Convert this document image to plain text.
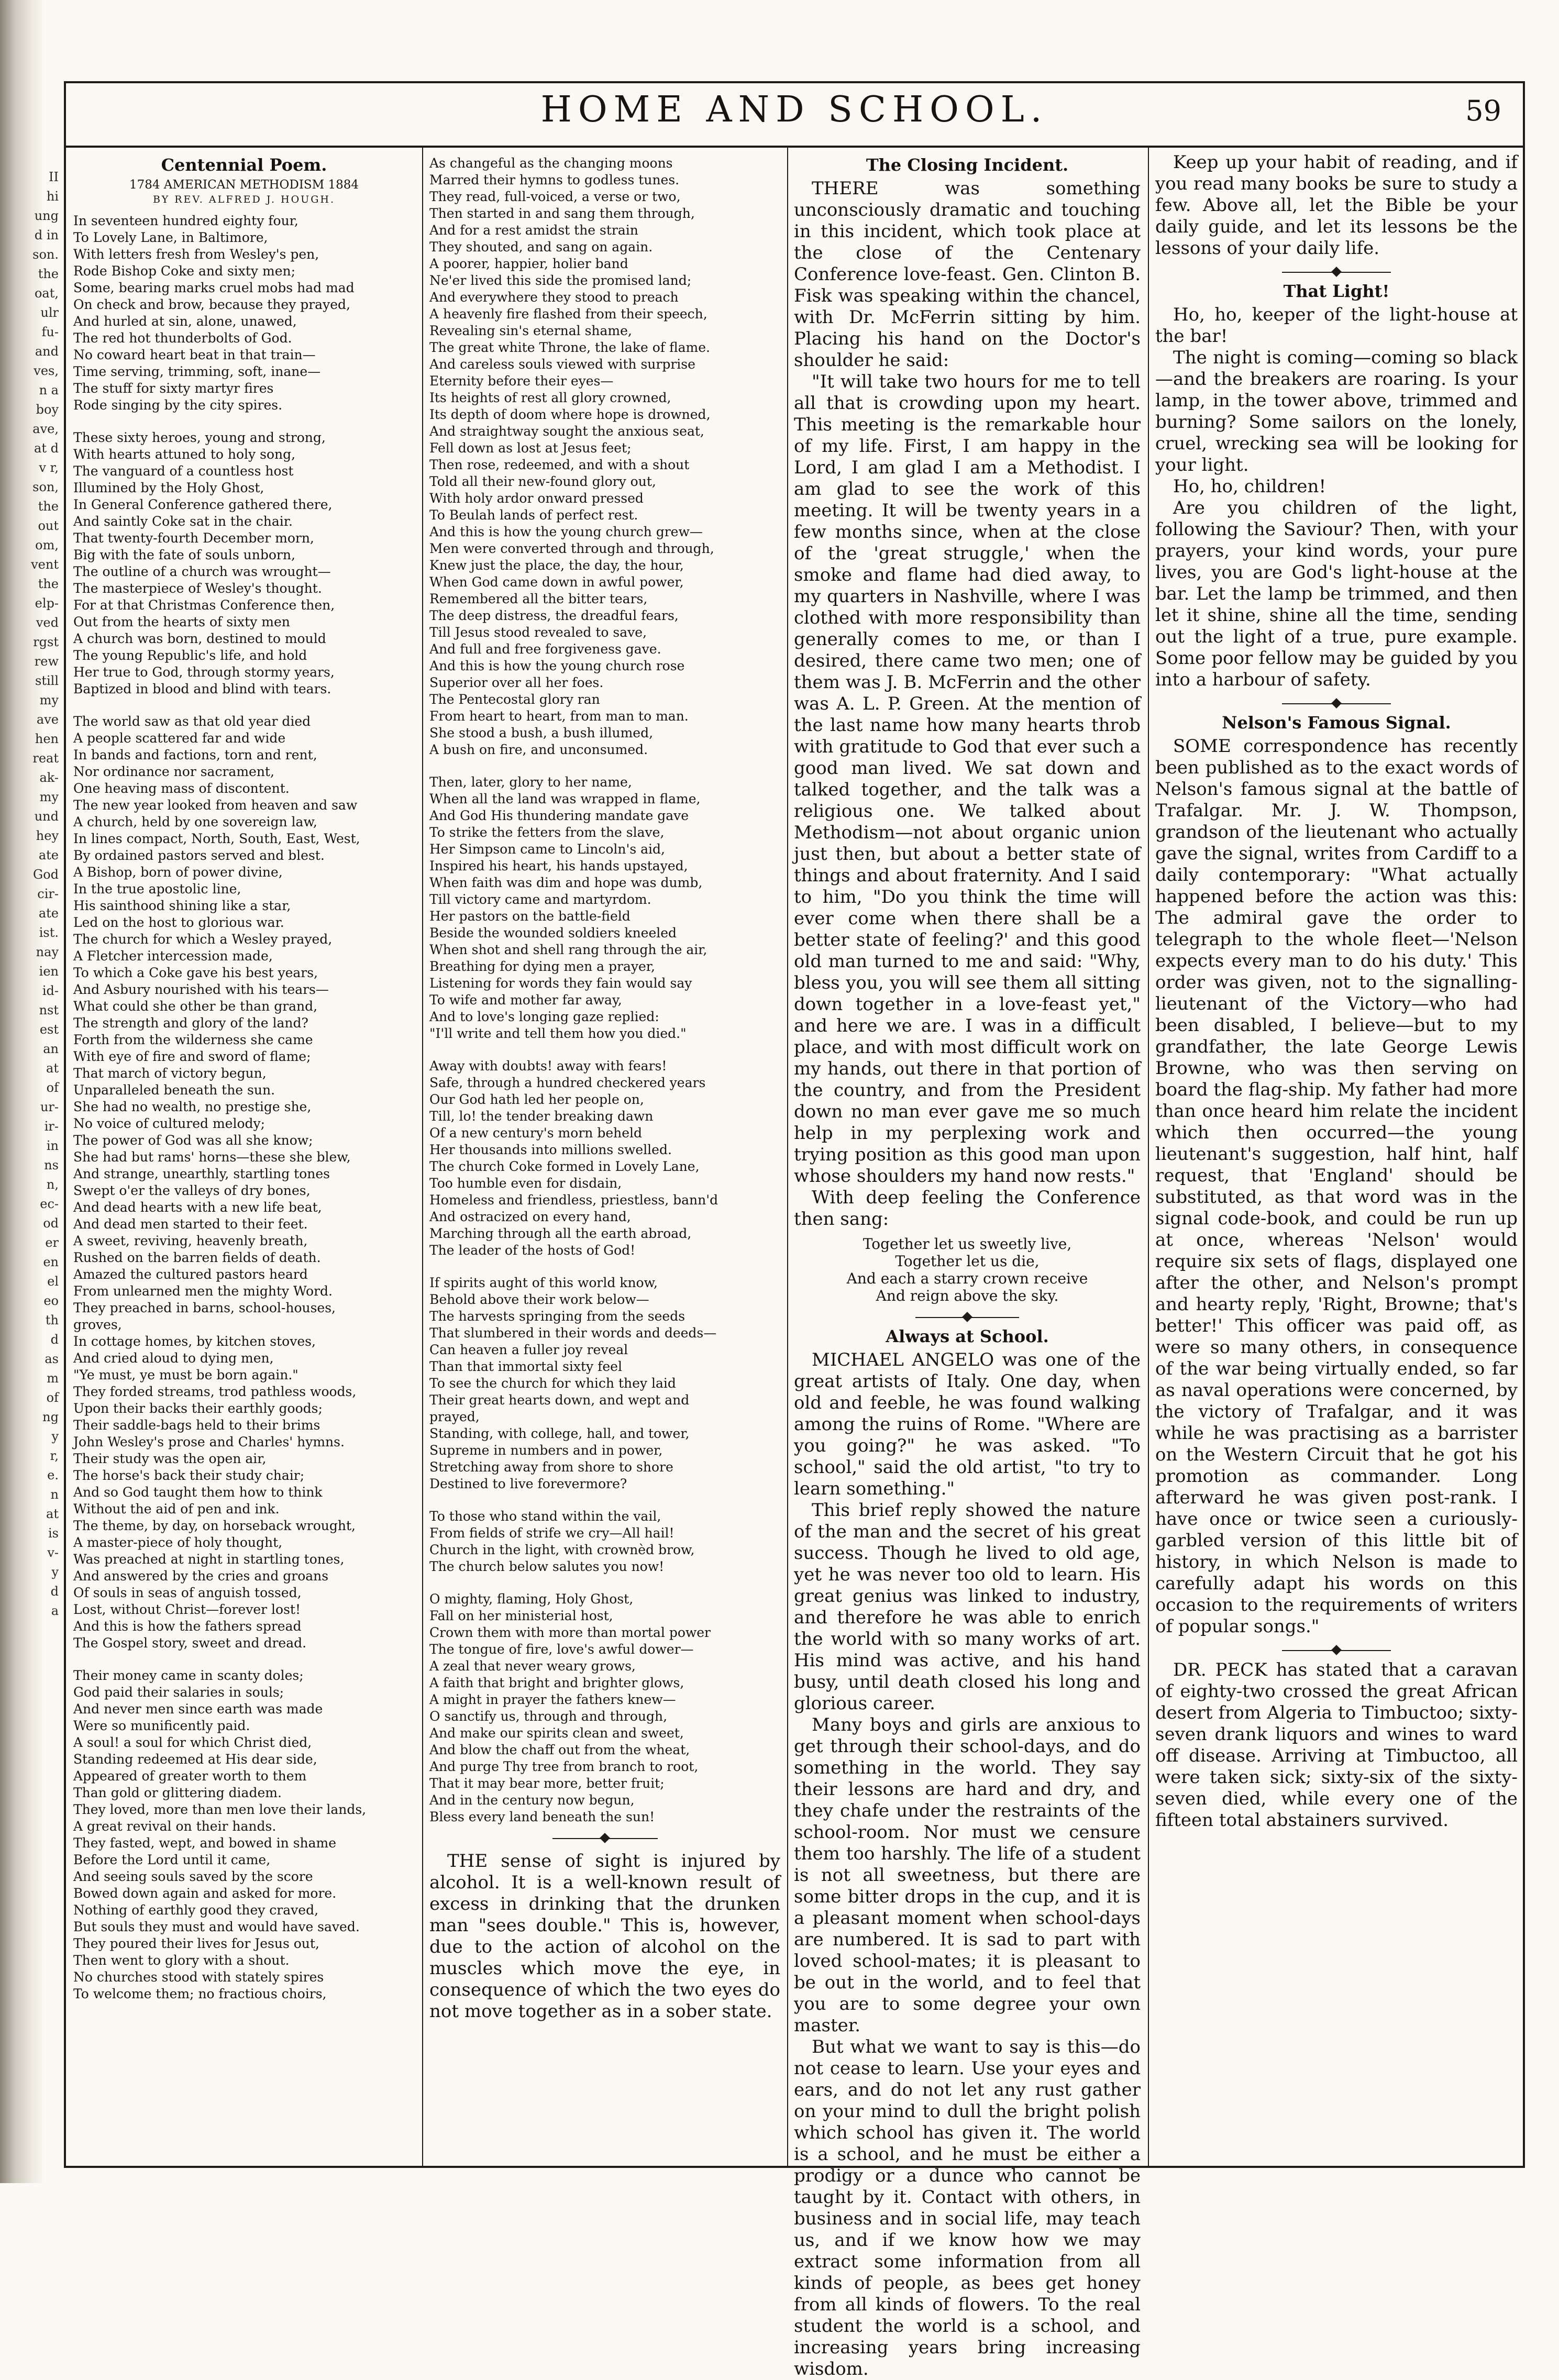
II
hi
ung
d in
son.
the
oat,
ulr
fu-
and
ves,
n a
boy
ave,
at d
v r,
son,
the
out
om,
vent
the
elp-
ved
rgst
rew
still
my
ave
hen
reat
ak-
my
und
hey
ate
God
cir-
ate
ist.
nay
ien
id-
nst
est
an
at
of
ur-
ir-
in
ns
n,
ec-
od
er
en
el
eo
th
d
as
m
of
ng
y
r,
e.
n
at
is
v-
y
d
a
HOME AND SCHOOL.	59
Centennial Poem.
1784 AMERICAN METHODISM 1884
BY REV. ALFRED J. HOUGH.
In seventeen hundred eighty four,
To Lovely Lane, in Baltimore,
With letters fresh from Wesley's pen,
Rode Bishop Coke and sixty men;
Some, bearing marks cruel mobs had mad
On check and brow, because they prayed,
And hurled at sin, alone, unawed,
The red hot thunderbolts of God.
No coward heart beat in that train—
Time serving, trimming, soft, inane—
The stuff for sixty martyr fires
Rode singing by the city spires.
These sixty heroes, young and strong,
With hearts attuned to holy song,
The vanguard of a countless host
Illumined by the Holy Ghost,
In General Conference gathered there,
And saintly Coke sat in the chair.
That twenty-fourth December morn,
Big with the fate of souls unborn,
The outline of a church was wrought—
The masterpiece of Wesley's thought.
For at that Christmas Conference then,
Out from the hearts of sixty men
A church was born, destined to mould
The young Republic's life, and hold
Her true to God, through stormy years,
Baptized in blood and blind with tears.
The world saw as that old year died
A people scattered far and wide
In bands and factions, torn and rent,
Nor ordinance nor sacrament,
One heaving mass of discontent.
The new year looked from heaven and saw
A church, held by one sovereign law,
In lines compact, North, South, East, West,
By ordained pastors served and blest.
A Bishop, born of power divine,
In the true apostolic line,
His sainthood shining like a star,
Led on the host to glorious war.
The church for which a Wesley prayed,
A Fletcher intercession made,
To which a Coke gave his best years,
And Asbury nourished with his tears—
What could she other be than grand,
The strength and glory of the land?
Forth from the wilderness she came
With eye of fire and sword of flame;
That march of victory begun,
Unparalleled beneath the sun.
She had no wealth, no prestige she,
No voice of cultured melody;
The power of God was all she know;
She had but rams' horns—these she blew,
And strange, unearthly, startling tones
Swept o'er the valleys of dry bones,
And dead hearts with a new life beat,
And dead men started to their feet.
A sweet, reviving, heavenly breath,
Rushed on the barren fields of death.
Amazed the cultured pastors heard
From unlearned men the mighty Word.
They preached in barns, school-houses,
groves,
In cottage homes, by kitchen stoves,
And cried aloud to dying men,
"Ye must, ye must be born again."
They forded streams, trod pathless woods,
Upon their backs their earthly goods;
Their saddle-bags held to their brims
John Wesley's prose and Charles' hymns.
Their study was the open air,
The horse's back their study chair;
And so God taught them how to think
Without the aid of pen and ink.
The theme, by day, on horseback wrought,
A master-piece of holy thought,
Was preached at night in startling tones,
And answered by the cries and groans
Of souls in seas of anguish tossed,
Lost, without Christ—forever lost!
And this is how the fathers spread
The Gospel story, sweet and dread.
Their money came in scanty doles;
God paid their salaries in souls;
And never men since earth was made
Were so munificently paid.
A soul! a soul for which Christ died,
Standing redeemed at His dear side,
Appeared of greater worth to them
Than gold or glittering diadem.
They loved, more than men love their lands,
A great revival on their hands.
They fasted, wept, and bowed in shame
Before the Lord until it came,
And seeing souls saved by the score
Bowed down again and asked for more.
Nothing of earthly good they craved,
But souls they must and would have saved.
They poured their lives for Jesus out,
Then went to glory with a shout.
No churches stood with stately spires
To welcome them; no fractious choirs,
As changeful as the changing moons
Marred their hymns to godless tunes.
They read, full-voiced, a verse or two,
Then started in and sang them through,
And for a rest amidst the strain
They shouted, and sang on again.
A poorer, happier, holier band
Ne'er lived this side the promised land;
And everywhere they stood to preach
A heavenly fire flashed from their speech,
Revealing sin's eternal shame,
The great white Throne, the lake of flame.
And careless souls viewed with surprise
Eternity before their eyes—
Its heights of rest all glory crowned,
Its depth of doom where hope is drowned,
And straightway sought the anxious seat,
Fell down as lost at Jesus feet;
Then rose, redeemed, and with a shout
Told all their new-found glory out,
With holy ardor onward pressed
To Beulah lands of perfect rest.
And this is how the young church grew—
Men were converted through and through,
Knew just the place, the day, the hour,
When God came down in awful power,
Remembered all the bitter tears,
The deep distress, the dreadful fears,
Till Jesus stood revealed to save,
And full and free forgiveness gave.
And this is how the young church rose
Superior over all her foes.
The Pentecostal glory ran
From heart to heart, from man to man.
She stood a bush, a bush illumed,
A bush on fire, and unconsumed.
Then, later, glory to her name,
When all the land was wrapped in flame,
And God His thundering mandate gave
To strike the fetters from the slave,
Her Simpson came to Lincoln's aid,
Inspired his heart, his hands upstayed,
When faith was dim and hope was dumb,
Till victory came and martyrdom.
Her pastors on the battle-field
Beside the wounded soldiers kneeled
When shot and shell rang through the air,
Breathing for dying men a prayer,
Listening for words they fain would say
To wife and mother far away,
And to love's longing gaze replied:
"I'll write and tell them how you died."
Away with doubts! away with fears!
Safe, through a hundred checkered years
Our God hath led her people on,
Till, lo! the tender breaking dawn
Of a new century's morn beheld
Her thousands into millions swelled.
The church Coke formed in Lovely Lane,
Too humble even for disdain,
Homeless and friendless, priestless, bann'd
And ostracized on every hand,
Marching through all the earth abroad,
The leader of the hosts of God!
If spirits aught of this world know,
Behold above their work below—
The harvests springing from the seeds
That slumbered in their words and deeds—
Can heaven a fuller joy reveal
Than that immortal sixty feel
To see the church for which they laid
Their great hearts down, and wept and
prayed,
Standing, with college, hall, and tower,
Supreme in numbers and in power,
Stretching away from shore to shore
Destined to live forevermore?
To those who stand within the vail,
From fields of strife we cry—All hail!
Church in the light, with crownèd brow,
The church below salutes you now!
O mighty, flaming, Holy Ghost,
Fall on her ministerial host,
Crown them with more than mortal power
The tongue of fire, love's awful dower—
A zeal that never weary grows,
A faith that bright and brighter glows,
A might in prayer the fathers knew—
O sanctify us, through and through,
And make our spirits clean and sweet,
And blow the chaff out from the wheat,
And purge Thy tree from branch to root,
That it may bear more, better fruit;
And in the century now begun,
Bless every land beneath the sun!

THE sense of sight is injured by alcohol. It is a well-known result of excess in drinking that the drunken man "sees double." This is, however, due to the action of alcohol on the muscles which move the eye, in consequence of which the two eyes do not move together as in a sober state.

The Closing Incident.

THERE	was something unconsciously dramatic and touching in this incident, which took place at the close of the Centenary Conference love-feast. Gen. Clinton B. Fisk was speaking within the chancel, with Dr. McFerrin sitting by him. Placing his hand on the Doctor's shoulder he said:

"It will take two hours for me to tell all that is crowding upon my heart. This meeting is the remarkable hour of my life. First, I am happy in the Lord, I am glad I am a Methodist. I am glad to see the work of this meeting. It will be twenty years in a few months since, when at the close of the 'great struggle,' when the smoke and flame had died away, to my quarters in Nashville, where I was clothed with more responsibility than generally comes to me, or than I desired, there came two men; one of them was J. B. McFerrin and the other was A. L. P. Green. At the mention of the last name how many hearts throb with gratitude to God that ever such a good man lived. We sat down and talked together, and the talk was a religious one. We talked about Methodism—not about organic union just then, but about a better state of things and about fraternity. And I said to him, "Do you think the time will ever come when there shall be a better state of feeling?' and this good old man turned to me and said: "Why, bless you, you will see them all sitting down together in a love-feast yet," and here we are. I was in a difficult place, and with most difficult work on my hands, out there in that portion of the country, and from the President down no man ever gave me so much help in my perplexing work and trying position as this good man upon whose shoulders my hand now rests."

With deep feeling the Conference then sang:

Together let us sweetly live,
Together let us die,
And each a starry crown receive
And reign above the sky.
Always at School.

MICHAEL ANGELO was one of the great artists of Italy. One day, when old and feeble, he was found walking among the ruins of Rome. "Where are you going?" he was asked. "To school," said the old artist, "to try to learn something."

This brief reply showed the nature of the man and the secret of his great success. Though he lived to old age, yet he was never too old to learn. His great genius was linked to industry, and therefore he was able to enrich the world with so many works of art. His mind was active, and his hand busy, until death closed his long and glorious career.

Many boys and girls are anxious to get through their school-days, and do something in the world. They say their lessons are hard and dry, and they chafe under the restraints of the school-room. Nor must we censure them too harshly. The life of a student is not all sweetness, but there are some bitter drops in the cup, and it is a pleasant moment when school-days are numbered. It is sad to part with loved school-mates; it is pleasant to be out in the world, and to feel that you are to some degree your own master.

But what we want to say is this—do not cease to learn. Use your eyes and ears, and do not let any rust gather on your mind to dull the bright polish which school has given it. The world is a school, and he must be either a prodigy or a dunce who cannot be taught by it. Contact with others, in business and in social life, may teach us, and if we know how we may extract some information from all kinds of people, as bees get honey from all kinds of flowers. To the real student the world is a school, and increasing years bring increasing wisdom.

Keep up your habit of reading, and if you read many books be sure to study a few. Above all, let the Bible be your daily guide, and let its lessons be the lessons of your daily life.

That Light!

Ho, ho, keeper of the light-house at the bar!

The night is coming—coming so black—and the breakers are roaring. Is your lamp, in the tower above, trimmed and burning? Some sailors on the lonely, cruel, wrecking sea will be looking for your light.

Ho, ho, children!

Are you children of the light, following the Saviour? Then, with your prayers, your kind words, your pure lives, you are God's light-house at the bar. Let the lamp be trimmed, and then let it shine, shine all the time, sending out the light of a true, pure example. Some poor fellow may be guided by you into a harbour of safety.

Nelson's Famous Signal.

SOME correspondence has recently been published as to the exact words of Nelson's famous signal at the battle of Trafalgar. Mr. J. W. Thompson, grandson of the lieutenant who actually gave the signal, writes from Cardiff to a daily contemporary: "What actually happened before the action was this: The admiral gave the order to telegraph to the whole fleet—'Nelson expects every man to do his duty.' This order was given, not to the signalling-lieutenant of the Victory—who had been disabled, I believe—but to my grandfather, the late George Lewis Browne, who was then serving on board the flag-ship. My father had more than once heard him relate the incident which then occurred—the young lieutenant's suggestion, half hint, half request, that 'England' should be substituted, as that word was in the signal code-book, and could be run up at once, whereas 'Nelson' would require six sets of flags, displayed one after the other, and Nelson's prompt and hearty reply, 'Right, Browne; that's better!' This officer was paid off, as were so many others, in consequence of the war being virtually ended, so far as naval operations were concerned, by the victory of Trafalgar, and it was while he was practising as a barrister on the Western Circuit that he got his promotion as commander. Long afterward he was given post-rank. I have once or twice seen a curiously-garbled version of this little bit of history, in which Nelson is made to carefully adapt his words on this occasion to the requirements of writers of popular songs."

DR. PECK has stated that a caravan of eighty-two crossed the great African desert from Algeria to Timbuctoo; sixty-seven drank liquors and wines to ward off disease. Arriving at Timbuctoo, all were taken sick; sixty-six of the sixty-seven died, while every one of the fifteen total abstainers survived.
